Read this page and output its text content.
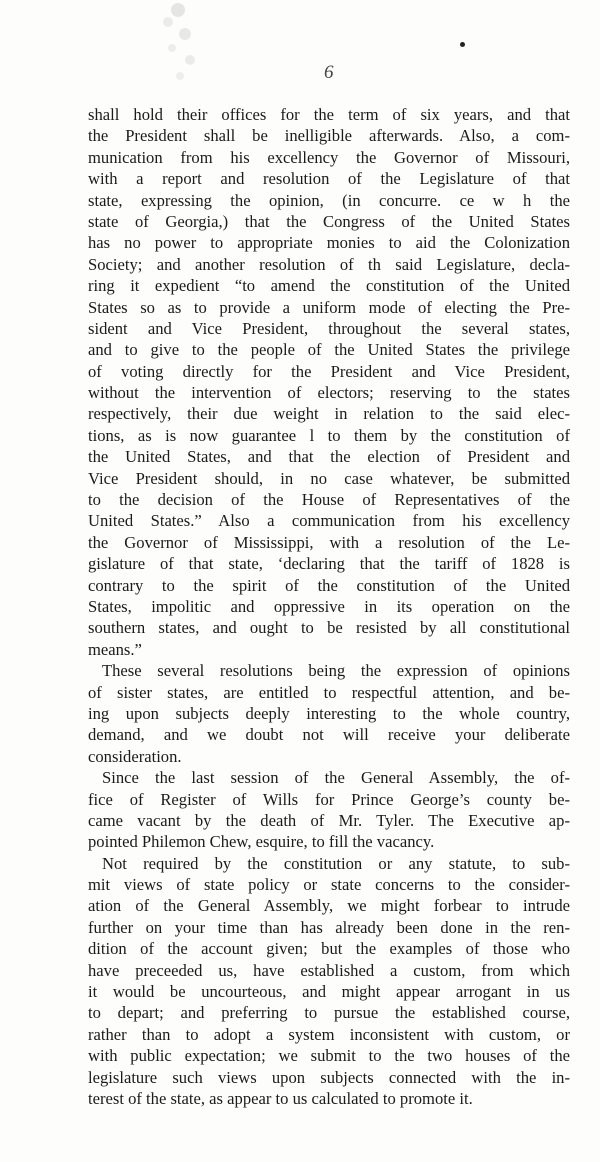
6
shall hold their offices for the term of six years, and that
the President shall be inelligible afterwards. Also, a com-
munication from his excellency the Governor of Missouri,
with a report and resolution of the Legislature of that
state, expressing the opinion, (in concurre. ce w h the
state of Georgia,) that the Congress of the United States
has no power to appropriate monies to aid the Colonization
Society; and another resolution of th said Legislature, decla-
ring it expedient “to amend the constitution of the United
States so as to provide a uniform mode of electing the Pre-
sident and Vice President, throughout the several states,
and to give to the people of the United States the privilege
of voting directly for the President and Vice President,
without the intervention of electors; reserving to the states
respectively, their due weight in relation to the said elec-
tions, as is now guarantee l to them by the constitution of
the United States, and that the election of President and
Vice President should, in no case whatever, be submitted
to the decision of the House of Representatives of the
United States.” Also a communication from his excellency
the Governor of Mississippi, with a resolution of the Le-
gislature of that state, ‘declaring that the tariff of 1828 is
contrary to the spirit of the constitution of the United
States, impolitic and oppressive in its operation on the
southern states, and ought to be resisted by all constitutional
means.”
These several resolutions being the expression of opinions
of sister states, are entitled to respectful attention, and be-
ing upon subjects deeply interesting to the whole country,
demand, and we doubt not will receive your deliberate
consideration.
Since the last session of the General Assembly, the of-
fice of Register of Wills for Prince George’s county be-
came vacant by the death of Mr. Tyler. The Executive ap-
pointed Philemon Chew, esquire, to fill the vacancy.
Not required by the constitution or any statute, to sub-
mit views of state policy or state concerns to the consider-
ation of the General Assembly, we might forbear to intrude
further on your time than has already been done in the ren-
dition of the account given; but the examples of those who
have preceeded us, have established a custom, from which
it would be uncourteous, and might appear arrogant in us
to depart; and preferring to pursue the established course,
rather than to adopt a system inconsistent with custom, or
with public expectation; we submit to the two houses of the
legislature such views upon subjects connected with the in-
terest of the state, as appear to us calculated to promote it.
